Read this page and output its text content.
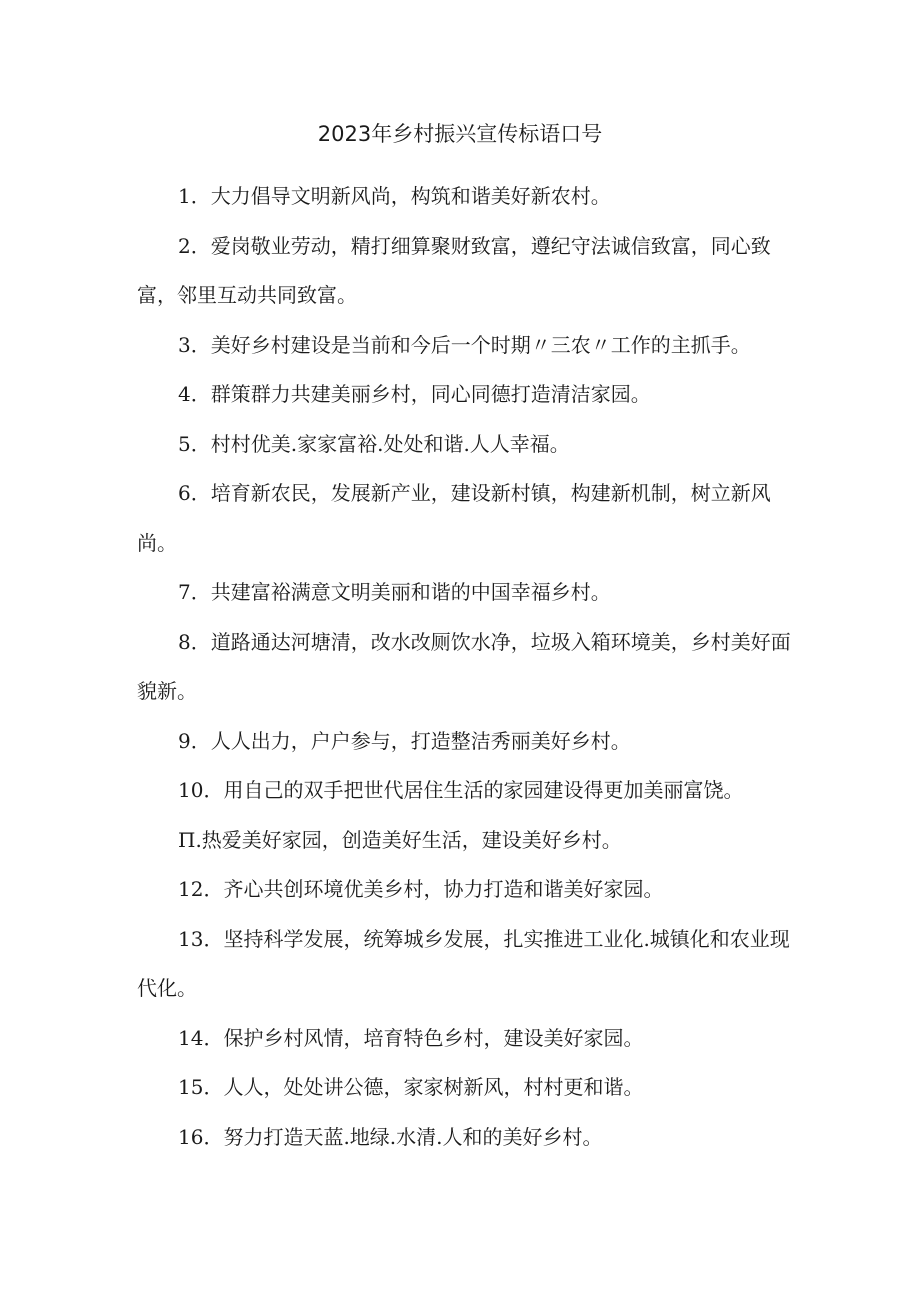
2023年乡村振兴宣传标语口号
1．大力倡导文明新风尚，构筑和谐美好新农村。
2．爱岗敬业劳动，精打细算聚财致富，遵纪守法诚信致富，同心致富，邻里互动共同致富。
3．美好乡村建设是当前和今后一个时期〃三农〃工作的主抓手。
4．群策群力共建美丽乡村，同心同德打造清洁家园。
5．村村优美.家家富裕.处处和谐.人人幸福。
6．培育新农民，发展新产业，建设新村镇，构建新机制，树立新风尚。
7．共建富裕满意文明美丽和谐的中国幸福乡村。
8．道路通达河塘清，改水改厕饮水净，垃圾入箱环境美，乡村美好面貌新。
9．人人出力，户户参与，打造整洁秀丽美好乡村。
10．用自己的双手把世代居住生活的家园建设得更加美丽富饶。
Π.热爱美好家园，创造美好生活，建设美好乡村。
12．齐心共创环境优美乡村，协力打造和谐美好家园。
13．坚持科学发展，统筹城乡发展，扎实推进工业化.城镇化和农业现代化。
14．保护乡村风情，培育特色乡村，建设美好家园。
15．人人，处处讲公德，家家树新风，村村更和谐。
16．努力打造天蓝.地绿.水清.人和的美好乡村。
